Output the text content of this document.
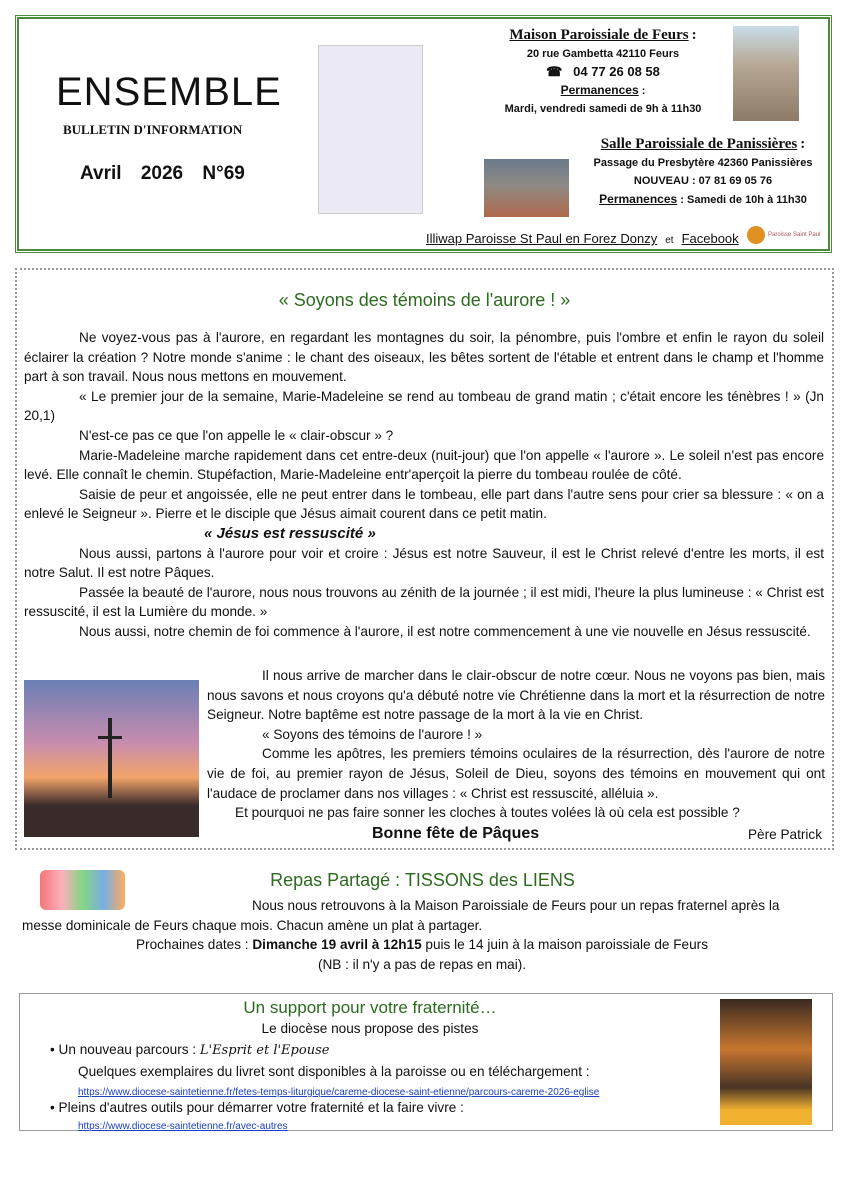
ENSEMBLE
BULLETIN D'INFORMATION
Avril 2026 N°69
Maison Paroissiale de Feurs :
20 rue Gambetta 42110 Feurs
☎ 04 77 26 08 58
Permanences :
Mardi, vendredi samedi de 9h à 11h30
Salle Paroissiale de Panissières :
Passage du Presbytère 42360 Panissières
NOUVEAU : 07 81 69 05 76
Permanences : Samedi de 10h à 11h30
Illiwap Paroisse St Paul en Forez Donzy et Facebook	Paroisse Saint Paul
« Soyons des témoins de l'aurore ! »

Ne voyez-vous pas à l'aurore, en regardant les montagnes du soir, la pénombre, puis l'ombre et enfin le rayon du soleil éclairer la création ? Notre monde s'anime : le chant des oiseaux, les bêtes sortent de l'étable et entrent dans le champ et l'homme part à son travail. Nous nous mettons en mouvement.

« Le premier jour de la semaine, Marie-Madeleine se rend au tombeau de grand matin ; c'était encore les ténèbres ! » (Jn 20,1)

N'est-ce pas ce que l'on appelle le « clair-obscur » ?

Marie-Madeleine marche rapidement dans cet entre-deux (nuit-jour) que l'on appelle « l'aurore ». Le soleil n'est pas encore levé. Elle connaît le chemin. Stupéfaction, Marie-Madeleine entr'aperçoit la pierre du tombeau roulée de côté.

Saisie de peur et angoissée, elle ne peut entrer dans le tombeau, elle part dans l'autre sens pour crier sa blessure : « on a enlevé le Seigneur ». Pierre et le disciple que Jésus aimait courent dans ce petit matin.

« Jésus est ressuscité »

Nous aussi, partons à l'aurore pour voir et croire : Jésus est notre Sauveur, il est le Christ relevé d'entre les morts, il est notre Salut. Il est notre Pâques.

Passée la beauté de l'aurore, nous nous trouvons au zénith de la journée ; il est midi, l'heure la plus lumineuse : « Christ est ressuscité, il est la Lumière du monde. »

Nous aussi, notre chemin de foi commence à l'aurore, il est notre commencement à une vie nouvelle en Jésus ressuscité.

Il nous arrive de marcher dans le clair-obscur de notre cœur. Nous ne voyons pas bien, mais nous savons et nous croyons qu'a débuté notre vie Chrétienne dans la mort et la résurrection de notre Seigneur. Notre baptême est notre passage de la mort à la vie en Christ.

« Soyons des témoins de l'aurore ! »

Comme les apôtres, les premiers témoins oculaires de la résurrection, dès l'aurore de notre vie de foi, au premier rayon de Jésus, Soleil de Dieu, soyons des témoins en mouvement qui ont l'audace de proclamer dans nos villages : « Christ est ressuscité, alléluia ».

Et pourquoi ne pas faire sonner les cloches à toutes volées là où cela est possible ?

Bonne fête de Pâques	Père Patrick
Repas Partagé : TISSONS des LIENS
Nous nous retrouvons à la Maison Paroissiale de Feurs pour un repas fraternel après la messe dominicale de Feurs chaque mois. Chacun amène un plat à partager.
Prochaines dates : Dimanche 19 avril à 12h15 puis le 14 juin à la maison paroissiale de Feurs
(NB : il n'y a pas de repas en mai).
Un support pour votre fraternité…
Le diocèse nous propose des pistes
• Un nouveau parcours : L'Esprit et l'Epouse
Quelques exemplaires du livret sont disponibles à la paroisse ou en téléchargement :
https://www.diocese-saintetienne.fr/fetes-temps-liturgique/careme-diocese-saint-etienne/parcours-careme-2026-eglise
• Pleins d'autres outils pour démarrer votre fraternité et la faire vivre :
https://www.diocese-saintetienne.fr/avec-autres
